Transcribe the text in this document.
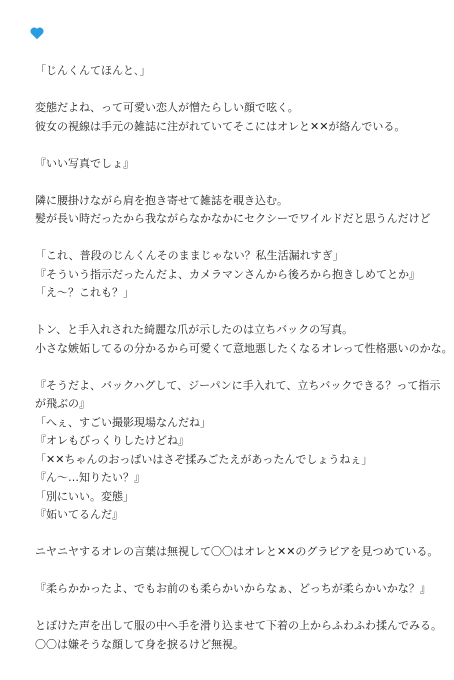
「じんくんてほんと､」
変態だよね、って可愛い恋人が憎たらしい顔で呟く。
彼女の視線は手元の雑誌に注がれていてそこにはオレと✕✕が絡んでいる。
『いい写真でしょ』
隣に腰掛けながら肩を抱き寄せて雑誌を覗き込む。
髪が長い時だったから我ながらなかなかにセクシーでワイルドだと思うんだけど
「これ、普段のじんくんそのままじゃない？私生活漏れすぎ」
『そういう指示だったんだよ、カメラマンさんから後ろから抱きしめてとか』
「え〜？これも？」
トン、と手入れされた綺麗な爪が示したのは立ちバックの写真。
小さな嫉妬してるの分かるから可愛くて意地悪したくなるオレって性格悪いのかな。
『そうだよ、バックハグして、ジーパンに手入れて、立ちバックできる？って指示
が飛ぶの』
「へぇ、すごい撮影現場なんだね」
『オレもびっくりしたけどね』
「✕✕ちゃんのおっぱいはさぞ揉みごたえがあったんでしょうねぇ」
『ん〜…知りたい？』
「別にいい。変態」
『妬いてるんだ』
ニヤニヤするオレの言葉は無視して〇〇はオレと✕✕のグラビアを見つめている。
『柔らかかったよ、でもお前のも柔らかいからなぁ、どっちが柔らかいかな？』
とぼけた声を出して服の中へ手を滑り込ませて下着の上からふわふわ揉んでみる。
〇〇は嫌そうな顔して身を捩るけど無視。
